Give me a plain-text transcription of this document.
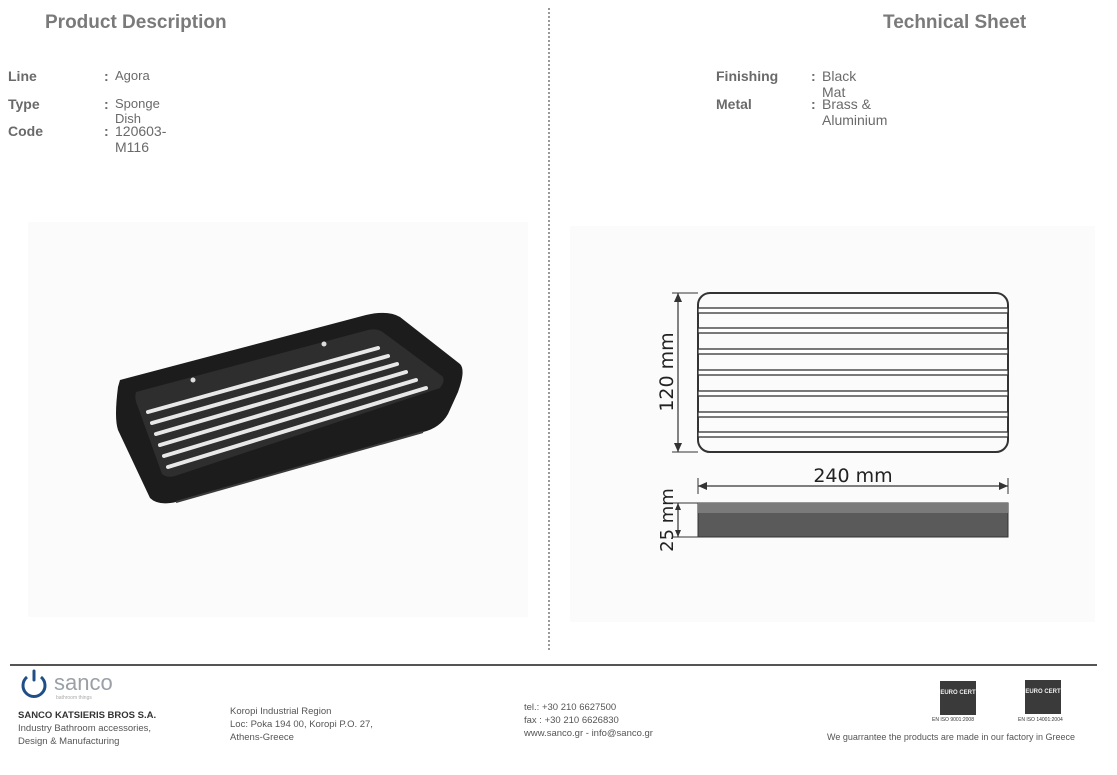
Product Description	Technical Sheet
Line	: Agora
Type	: Sponge Dish
Code	: 120603-M116
Finishing : Black Mat
Metal	: Brass & Aluminium
120 mm
240 mm
25 mm
sanco
bathroom things
SANCO KATSIERIS BROS S.A.
Industry Bathroom accessories,
Design & Manufacturing
Koropi Industrial Region
Loc: Poka 194 00, Koropi P.O. 27,
Athens-Greece
tel.: +30 210 6627500
fax : +30 210 6626830
www.sanco.gr - info@sanco.gr
EURO CERT
EN ISO 9001:2008
EURO CERT
EN ISO 14001:2004
We guarrantee the products are made in our factory in Greece
